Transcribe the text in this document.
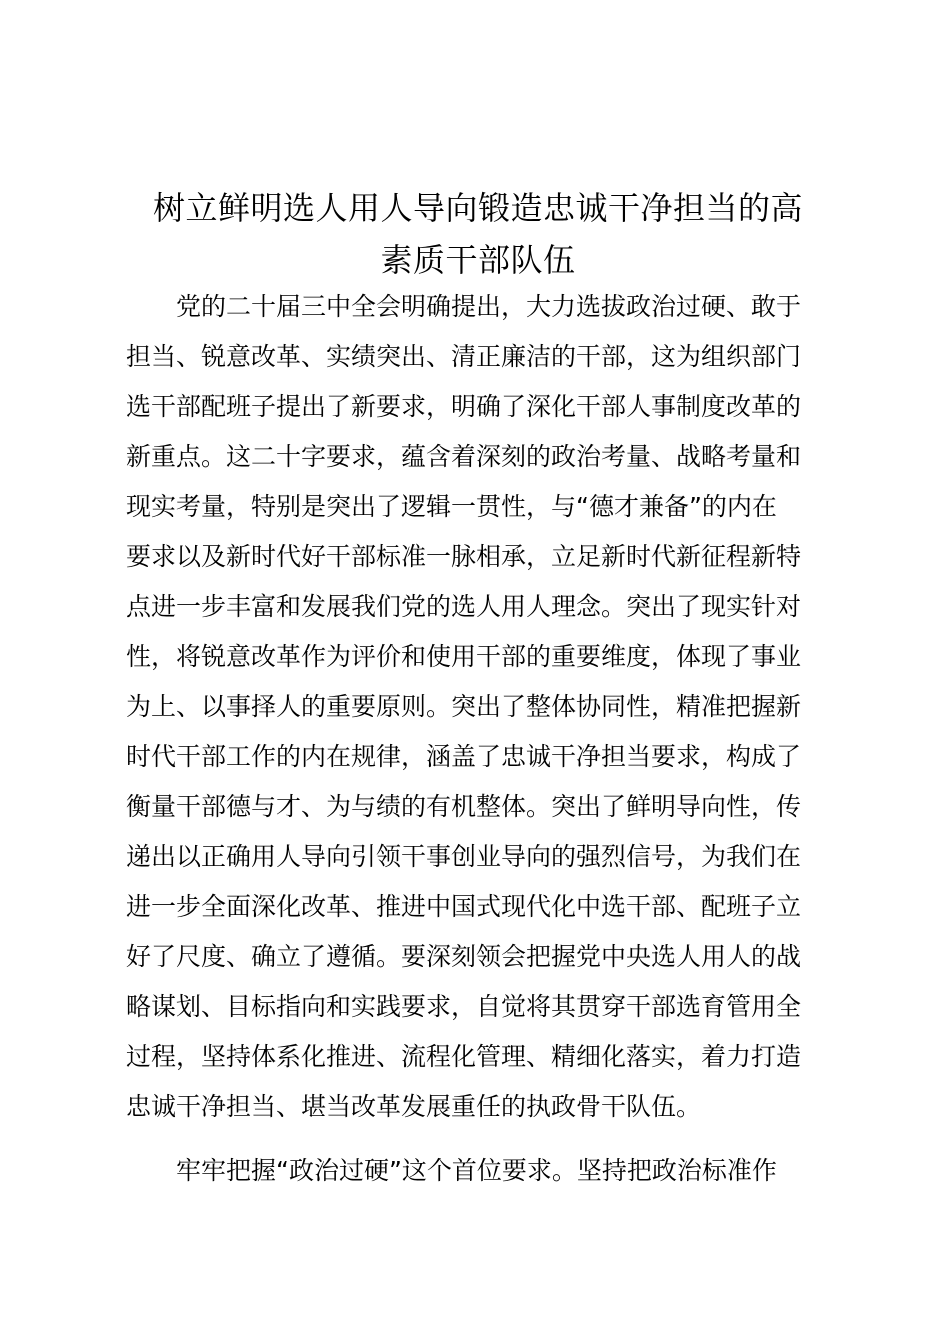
树立鲜明选人用人导向锻造忠诚干净担当的高
素质干部队伍

党的二十届三中全会明确提出，大力选拔政治过硬、敢于
担当、锐意改革、实绩突出、清正廉洁的干部，这为组织部门
选干部配班子提出了新要求，明确了深化干部人事制度改革的
新重点。这二十字要求，蕴含着深刻的政治考量、战略考量和
现实考量，特别是突出了逻辑一贯性，与“德才兼备”的内在
要求以及新时代好干部标准一脉相承，立足新时代新征程新特
点进一步丰富和发展我们党的选人用人理念。突出了现实针对
性，将锐意改革作为评价和使用干部的重要维度，体现了事业
为上、以事择人的重要原则。突出了整体协同性，精准把握新
时代干部工作的内在规律，涵盖了忠诚干净担当要求，构成了
衡量干部德与才、为与绩的有机整体。突出了鲜明导向性，传
递出以正确用人导向引领干事创业导向的强烈信号，为我们在
进一步全面深化改革、推进中国式现代化中选干部、配班子立
好了尺度、确立了遵循。要深刻领会把握党中央选人用人的战
略谋划、目标指向和实践要求，自觉将其贯穿干部选育管用全
过程，坚持体系化推进、流程化管理、精细化落实，着力打造
忠诚干净担当、堪当改革发展重任的执政骨干队伍。

牢牢把握“政治过硬”这个首位要求。坚持把政治标准作
